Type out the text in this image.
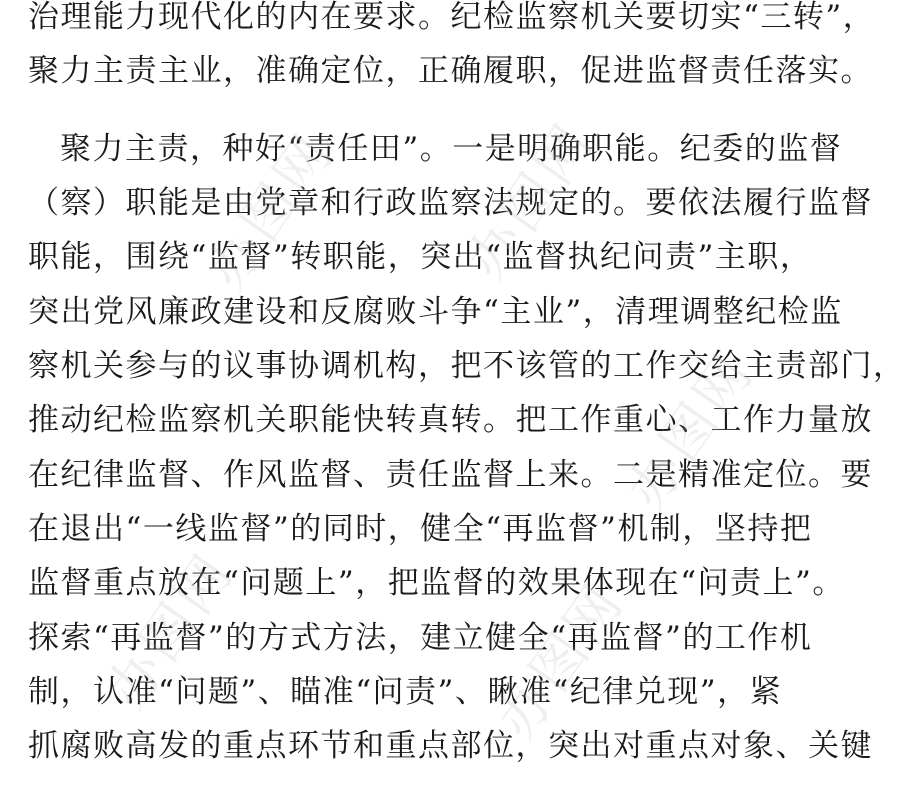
治理能力现代化的内在要求。纪检监察机关要切实“三转”，
聚力主责主业，准确定位，正确履职，促进监督责任落实。
聚力主责，种好“责任田”。一是明确职能。纪委的监督
（察）职能是由党章和行政监察法规定的。要依法履行监督
职能，围绕“监督”转职能，突出“监督执纪问责”主职，
突出党风廉政建设和反腐败斗争“主业”，清理调整纪检监
察机关参与的议事协调机构，把不该管的工作交给主责部门，
推动纪检监察机关职能快转真转。把工作重心、工作力量放
在纪律监督、作风监督、责任监督上来。二是精准定位。要
在退出“一线监督”的同时，健全“再监督”机制，坚持把
监督重点放在“问题上”，把监督的效果体现在“问责上”。
探索“再监督”的方式方法，建立健全“再监督”的工作机
制，认准“问题”、瞄准“问责”、瞅准“纪律兑现”，紧
抓腐败高发的重点环节和重点部位，突出对重点对象、关键
办图网 办图网
办图网
办图网	办图网
